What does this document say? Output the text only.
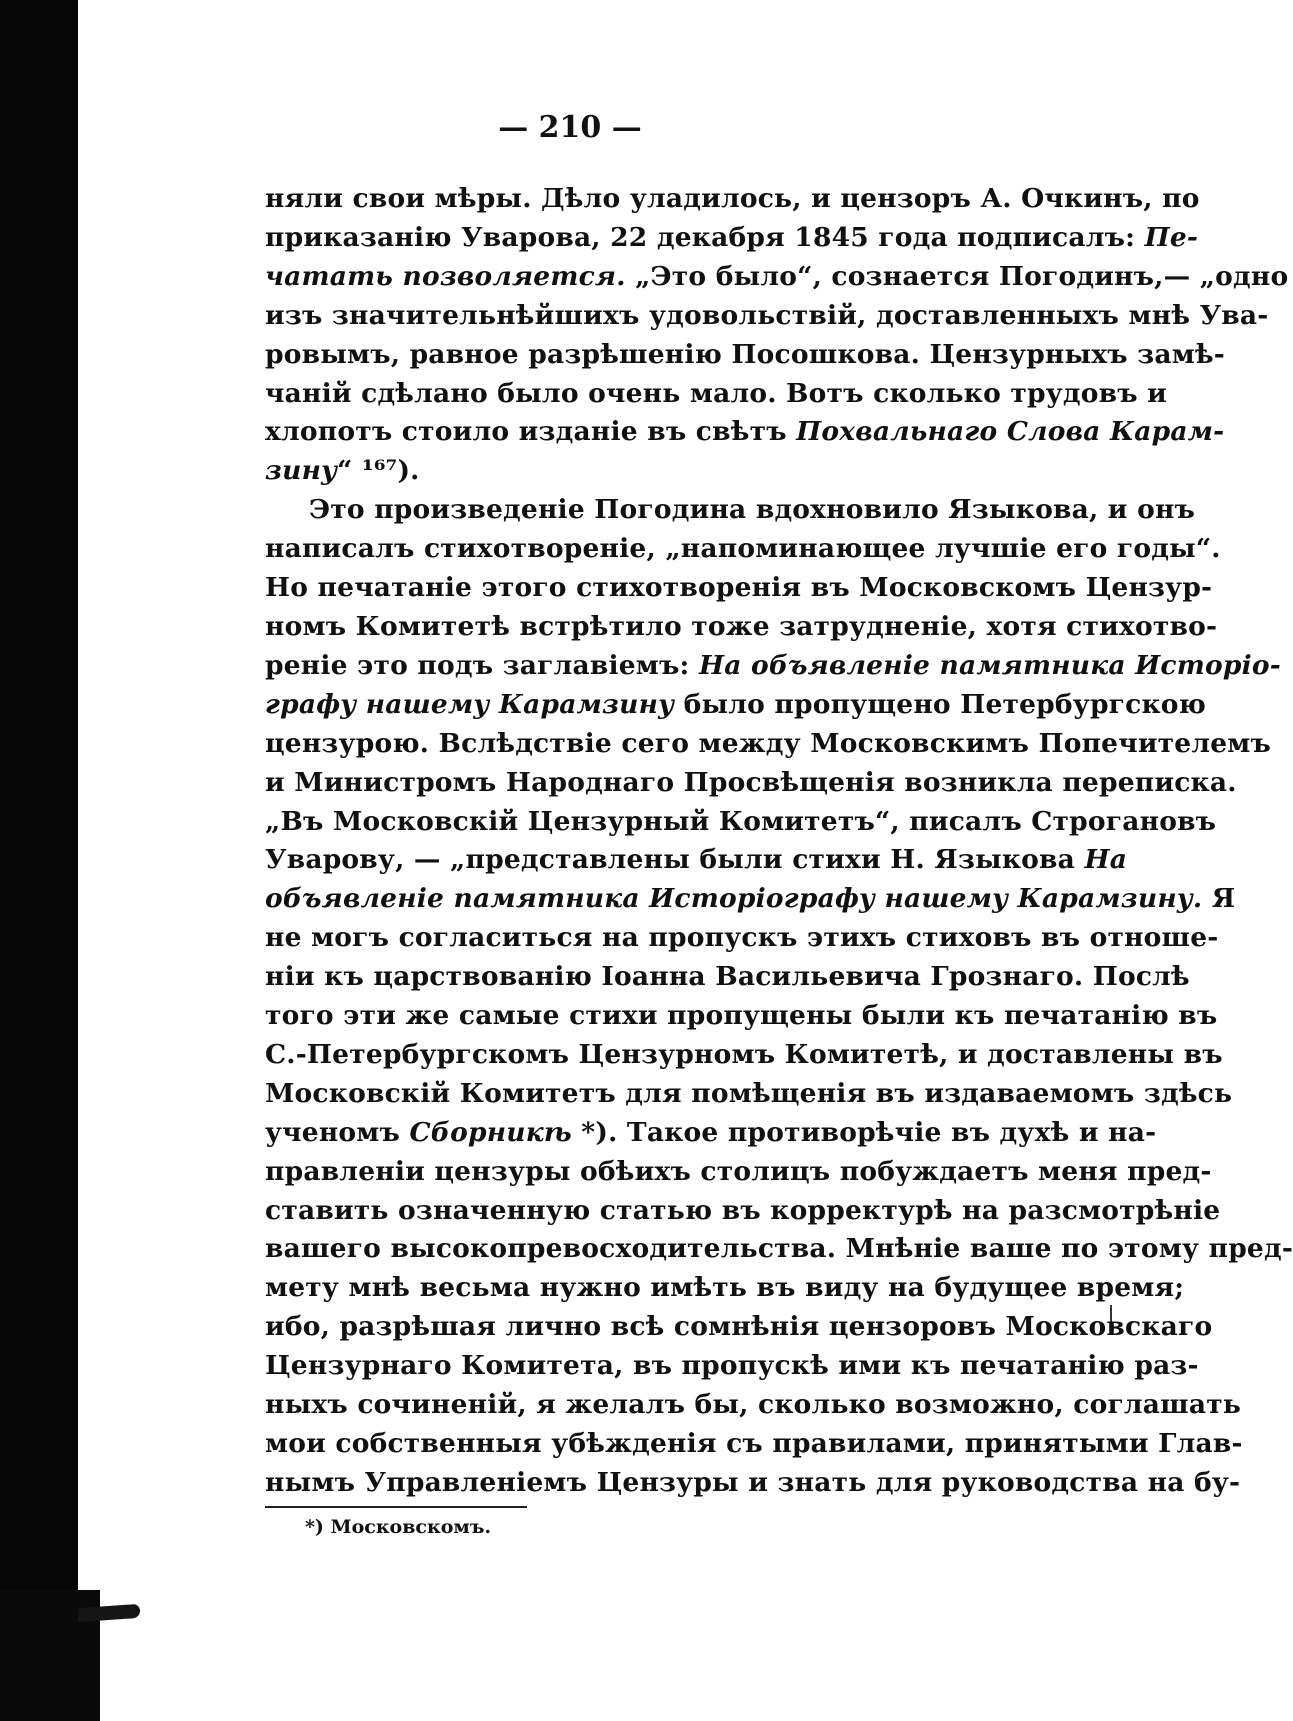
— 210 —
няли свои мѣры. Дѣло уладилось, и цензоръ А. Очкинъ, по
приказанію Уварова, 22 декабря 1845 года подписалъ: Пе-
чатать позволяется. „Это было“, сознается Погодинъ,— „одно
изъ значительнѣйшихъ удовольствій, доставленныхъ мнѣ Ува-
ровымъ, равное разрѣшенію Посошкова. Цензурныхъ замѣ-
чаній сдѣлано было очень мало. Вотъ сколько трудовъ и
хлопотъ стоило изданіе въ свѣтъ Похвальнаго Слова Карам-
зину“ ¹⁶⁷).
Это произведеніе Погодина вдохновило Языкова, и онъ
написалъ стихотвореніе, „напоминающее лучшіе его годы“.
Но печатаніе этого стихотворенія въ Московскомъ Цензур-
номъ Комитетѣ встрѣтило тоже затрудненіе, хотя стихотво-
реніе это подъ заглавіемъ: На объявленіе памятника Исторіо-
графу нашему Карамзину было пропущено Петербургскою
цензурою. Вслѣдствіе сего между Московскимъ Попечителемъ
и Министромъ Народнаго Просвѣщенія возникла переписка.
„Въ Московскій Цензурный Комитетъ“, писалъ Строгановъ
Уварову, — „представлены были стихи Н. Языкова На
объявленіе памятника Исторіографу нашему Карамзину. Я
не могъ согласиться на пропускъ этихъ стиховъ въ отноше-
ніи къ царствованію Іоанна Васильевича Грознаго. Послѣ
того эти же самые стихи пропущены были къ печатанію въ
С.-Петербургскомъ Цензурномъ Комитетѣ, и доставлены въ
Московскій Комитетъ для помѣщенія въ издаваемомъ здѣсь
ученомъ Сборникѣ *). Такое противорѣчіе въ духѣ и на-
правленіи цензуры обѣихъ столицъ побуждаетъ меня пред-
ставить означенную статью въ корректурѣ на разсмотрѣніе
вашего высокопревосходительства. Мнѣніе ваше по этому пред-
мету мнѣ весьма нужно имѣть въ виду на будущее время;
ибо, разрѣшая лично всѣ сомнѣнія цензоровъ Московскаго
Цензурнаго Комитета, въ пропускѣ ими къ печатанію раз-
ныхъ сочиненій, я желалъ бы, сколько возможно, соглашать
мои собственныя убѣжденія съ правилами, принятыми Глав-
нымъ Управленіемъ Цензуры и знать для руководства на бу-
*) Московскомъ.
